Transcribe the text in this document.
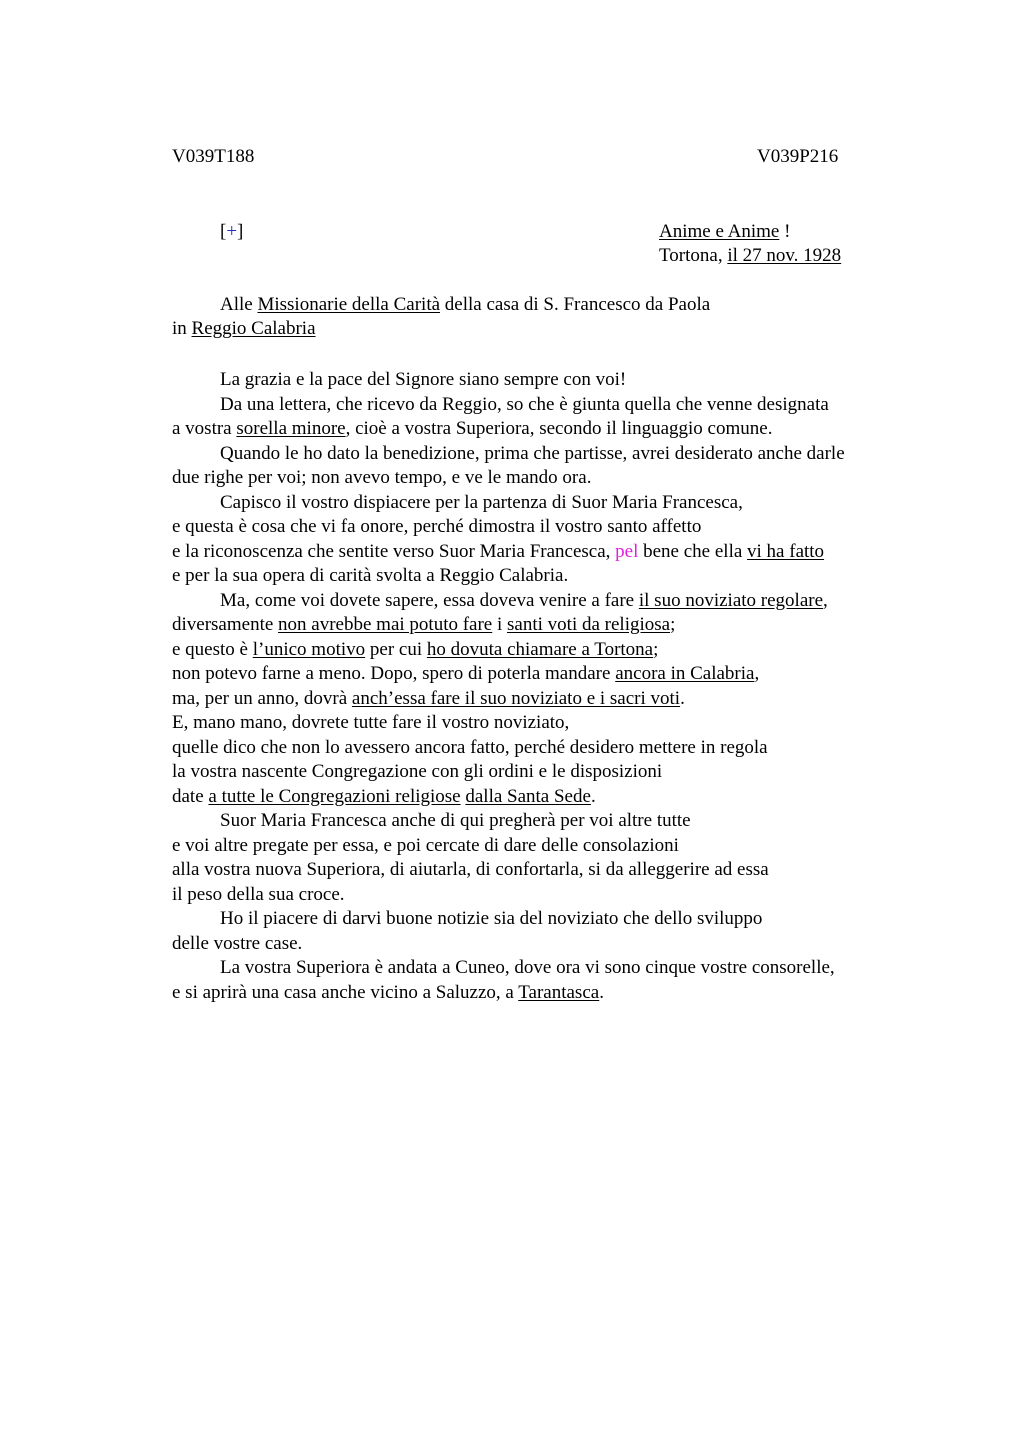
V039T188	V039P216
[+]	Anime e Anime !
Tortona, il 27 nov. 1928
Alle Missionarie della Carità della casa di S. Francesco da Paola
in Reggio Calabria
La grazia e la pace del Signore siano sempre con voi!
Da una lettera, che ricevo da Reggio, so che è giunta quella che venne designata
a vostra sorella minore, cioè a vostra Superiora, secondo il linguaggio comune.
Quando le ho dato la benedizione, prima che partisse, avrei desiderato anche darle
due righe per voi; non avevo tempo, e ve le mando ora.
Capisco il vostro dispiacere per la partenza di Suor Maria Francesca,
e questa è cosa che vi fa onore, perché dimostra il vostro santo affetto
e la riconoscenza che sentite verso Suor Maria Francesca, pel bene che ella vi ha fatto
e per la sua opera di carità svolta a Reggio Calabria.
Ma, come voi dovete sapere, essa doveva venire a fare il suo noviziato regolare,
diversamente non avrebbe mai potuto fare i santi voti da religiosa;
e questo è l’unico motivo per cui ho dovuta chiamare a Tortona;
non potevo farne a meno. Dopo, spero di poterla mandare ancora in Calabria,
ma, per un anno, dovrà anch’essa fare il suo noviziato e i sacri voti.
E, mano mano, dovrete tutte fare il vostro noviziato,
quelle dico che non lo avessero ancora fatto, perché desidero mettere in regola
la vostra nascente Congregazione con gli ordini e le disposizioni
date a tutte le Congregazioni religiose dalla Santa Sede.
Suor Maria Francesca anche di qui pregherà per voi altre tutte
e voi altre pregate per essa, e poi cercate di dare delle consolazioni
alla vostra nuova Superiora, di aiutarla, di confortarla, si da alleggerire ad essa
il peso della sua croce.
Ho il piacere di darvi buone notizie sia del noviziato che dello sviluppo
delle vostre case.
La vostra Superiora è andata a Cuneo, dove ora vi sono cinque vostre consorelle,
e si aprirà una casa anche vicino a Saluzzo, a Tarantasca.
